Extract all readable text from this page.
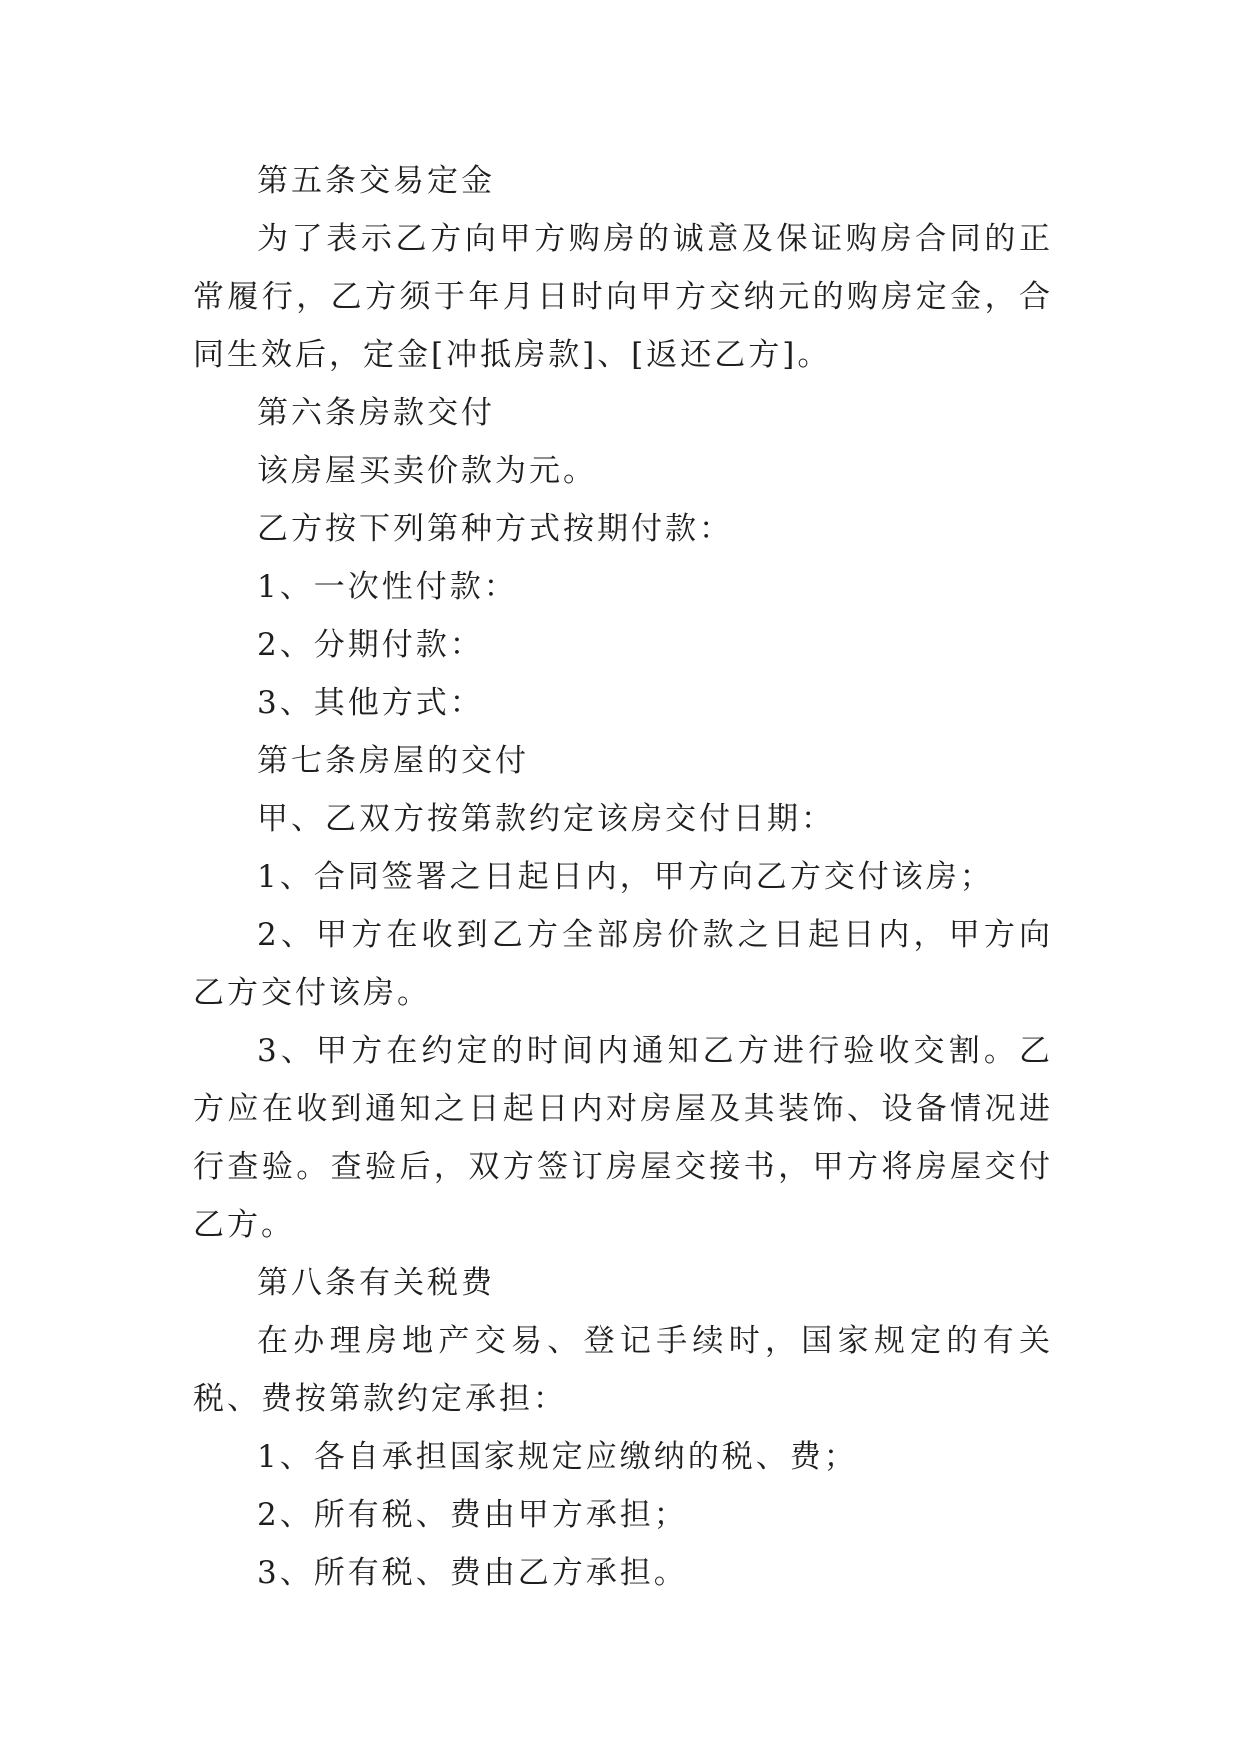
第五条交易定金

为了表示乙方向甲方购房的诚意及保证购房合同的正常履行，乙方须于年月日时向甲方交纳元的购房定金，合同生效后，定金[冲抵房款]、[返还乙方]。

第六条房款交付

该房屋买卖价款为元。

乙方按下列第种方式按期付款：

1、一次性付款：

2、分期付款：

3、其他方式：

第七条房屋的交付

甲、乙双方按第款约定该房交付日期：

1、合同签署之日起日内，甲方向乙方交付该房；

2、甲方在收到乙方全部房价款之日起日内，甲方向乙方交付该房。

3、甲方在约定的时间内通知乙方进行验收交割。乙方应在收到通知之日起日内对房屋及其装饰、设备情况进行查验。查验后，双方签订房屋交接书，甲方将房屋交付乙方。

第八条有关税费

在办理房地产交易、登记手续时，国家规定的有关税、费按第款约定承担：

1、各自承担国家规定应缴纳的税、费；

2、所有税、费由甲方承担；

3、所有税、费由乙方承担。
